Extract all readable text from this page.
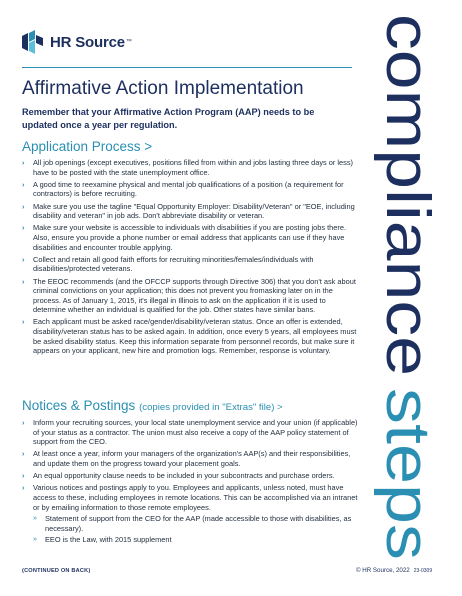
HR Source ™	compliance
steps
Affirmative Action Implementation
Remember that your Affirmative Action Program (AAP) needs to be updated once a year per regulation.
Application Process >
› All job openings (except executives, positions filled from within and jobs lasting three days or less) have to be posted with the state unemployment office.
› A good time to reexamine physical and mental job qualifications of a position (a requirement for contractors) is before recruiting.
› Make sure you use the tagline "Equal Opportunity Employer: Disability/Veteran" or "EOE, including disability and veteran" in job ads. Don't abbreviate disability or veteran.
› Make sure your website is accessible to individuals with disabilities if you are posting jobs there. Also, ensure you provide a phone number or email address that applicants can use if they have disabilities and encounter trouble applying.
› Collect and retain all good faith efforts for recruiting minorities/females/individuals with disabilities/protected veterans.
› The EEOC recommends (and the OFCCP supports through Directive 306) that you don't ask about criminal convictions on your application; this does not prevent you fromasking later on in the process. As of January 1, 2015, it's illegal in Illinois to ask on the application if it is used to determine whether an individual is qualified for the job. Other states have similar bans.
› Each applicant must be asked race/gender/disability/veteran status. Once an offer is extended, disability/veteran status has to be asked again. In addition, once every 5 years, all employees must be asked disability status. Keep this information separate from personnel records, but make sure it appears on your applicant, new hire and promotion logs. Remember, response is voluntary.
Notices & Postings (copies provided in "Extras" file) >
› Inform your recruiting sources, your local state unemployment service and your union (if applicable) of your status as a contractor. The union must also receive a copy of the AAP policy statement of support from the CEO.
› At least once a year, inform your managers of the organization's AAP(s) and their responsibilities, and update them on the progress toward your placement goals.
› An equal opportunity clause needs to be included in your subcontracts and purchase orders.
› Various notices and postings apply to you. Employees and applicants, unless noted, must have access to these, including employees in remote locations. This can be accomplished via an intranet or by emailing information to those remote employees.
» Statement of support from the CEO for the AAP (made accessible to those with disabilities, as necessary).
» EEO is the Law, with 2015 supplement
(CONTINUED ON BACK)	© HR Source, 2022 23-0309
